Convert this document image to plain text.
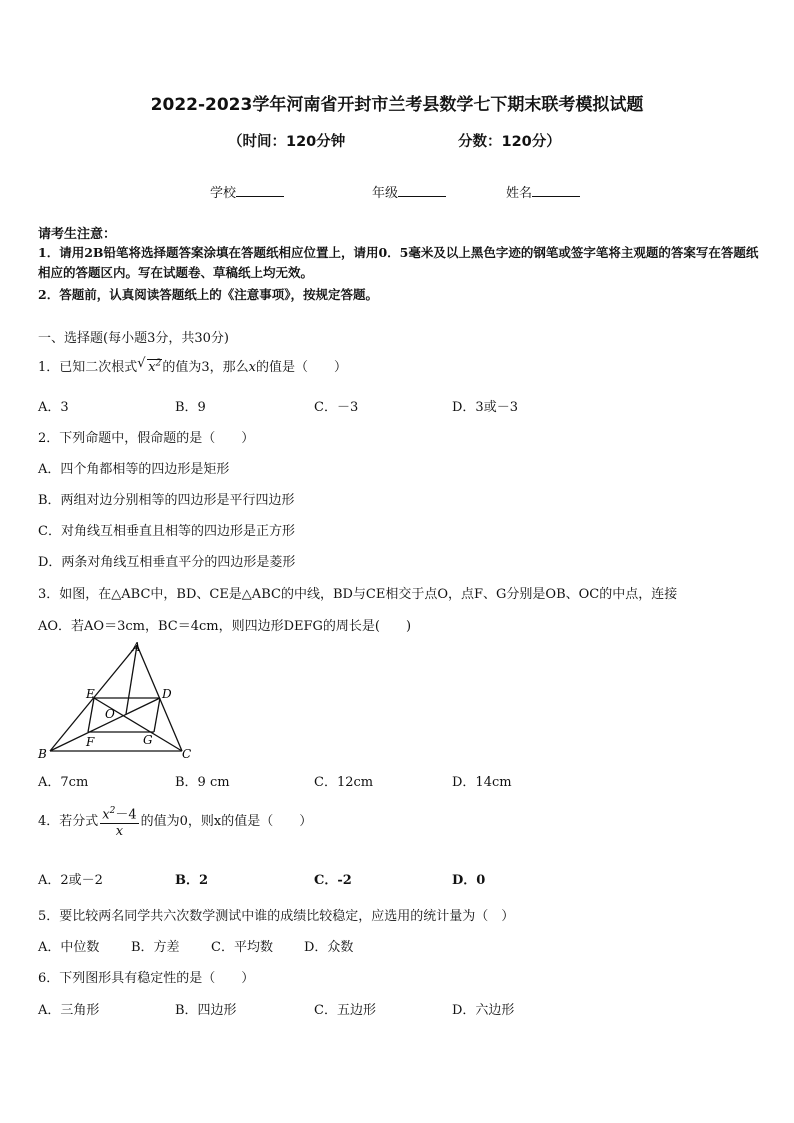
2022-2023学年河南省开封市兰考县数学七下期末联考模拟试题
（时间：120分钟	分数：120分）
学校	年级	姓名
请考生注意：
1．请用2B铅笔将选择题答案涂填在答题纸相应位置上，请用0．5毫米及以上黑色字迹的钢笔或签字笔将主观题的答案写在答题纸相应的答题区内。写在试题卷、草稿纸上均无效。
2．答题前，认真阅读答题纸上的《注意事项》，按规定答题。
一、选择题(每小题3分，共30分)
1．已知二次根式 √ $x^2$的值为3，那么x的值是（　　）
A．3	B．9	C．－3	D．3或－3
2．下列命题中，假命题的是（　　）
A．四个角都相等的四边形是矩形
B．两组对边分别相等的四边形是平行四边形
C．对角线互相垂直且相等的四边形是正方形
D．两条对角线互相垂直平分的四边形是菱形
3．如图，在△ABC中，BD、CE是△ABC的中线，BD与CE相交于点O，点F、G分别是OB、OC的中点，连接
AO．若AO＝3cm，BC＝4cm，则四边形DEFG的周长是(　　)
A
B	C
D
E
F	G
O
A．7cm	B．9 cm	C．12cm	D．14cm
4．若分式 $\frac{x^2-4}{x}$ 的值为0，则x的值是（　　）
A．2或－2	B．2	C．-2	D．0
5．要比较两名同学共六次数学测试中谁的成绩比较稳定，应选用的统计量为（　）
A．中位数 B．方差 C．平均数 D．众数
6．下列图形具有稳定性的是（　　）
A．三角形	B．四边形	C．五边形	D．六边形
